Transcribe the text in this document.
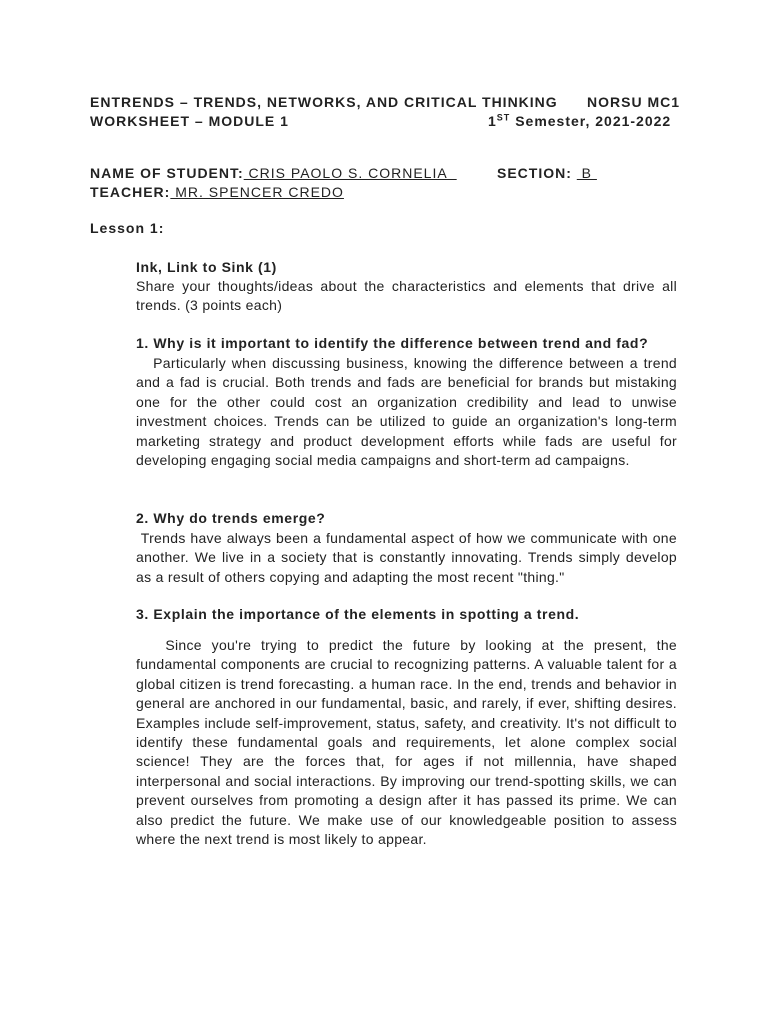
ENTRENDS – TRENDS, NETWORKS, AND CRITICAL THINKING NORSU MC1
WORKSHEET – MODULE 1	1ST Semester, 2021-2022
NAME OF STUDENT: CRIS PAOLO S. CORNELIA	SECTION:  B
TEACHER: MR. SPENCER CREDO
Lesson 1:
Ink, Link to Sink (1)
Share your thoughts/ideas about the characteristics and elements that drive all trends. (3 points each)
1. Why is it important to identify the difference between trend and fad?
Particularly when discussing business, knowing the difference between a trend and a fad is crucial. Both trends and fads are beneficial for brands but mistaking one for the other could cost an organization credibility and lead to unwise investment choices. Trends can be utilized to guide an organization's long-term marketing strategy and product development efforts while fads are useful for developing engaging social media campaigns and short-term ad campaigns.
2. Why do trends emerge?
Trends have always been a fundamental aspect of how we communicate with one another. We live in a society that is constantly innovating. Trends simply develop as a result of others copying and adapting the most recent "thing."
3. Explain the importance of the elements in spotting a trend.
Since you're trying to predict the future by looking at the present, the fundamental components are crucial to recognizing patterns. A valuable talent for a global citizen is trend forecasting. a human race. In the end, trends and behavior in general are anchored in our fundamental, basic, and rarely, if ever, shifting desires. Examples include self-improvement, status, safety, and creativity. It's not difficult to identify these fundamental goals and requirements, let alone complex social science! They are the forces that, for ages if not millennia, have shaped interpersonal and social interactions. By improving our trend-spotting skills, we can prevent ourselves from promoting a design after it has passed its prime. We can also predict the future. We make use of our knowledgeable position to assess where the next trend is most likely to appear.
